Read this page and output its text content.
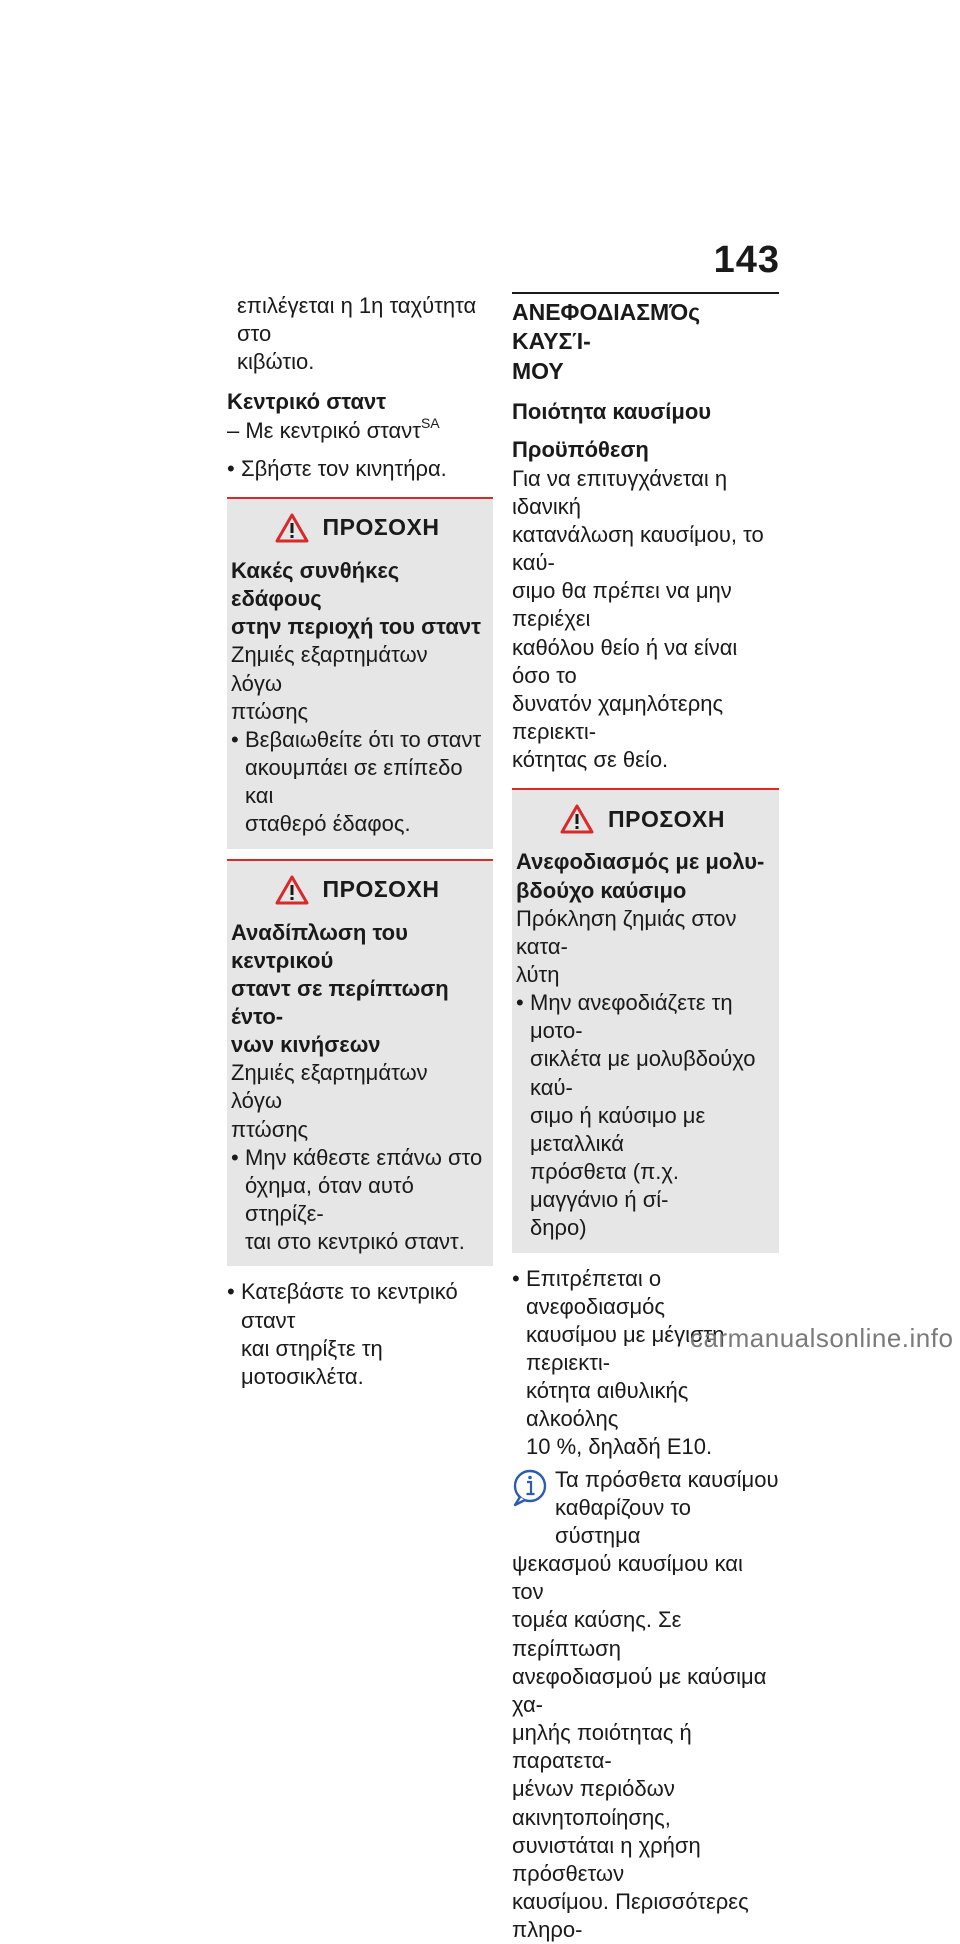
143
επιλέγεται η 1η ταχύτητα στο
κιβώτιο.
Κεντρικό σταντ
– Με κεντρικό σταντ$^{SA}$
• Σβήστε τον κινητήρα.
ΠΡΟΣΟΧΗ
Κακές συνθήκες εδάφους
στην περιοχή του σταντ
Ζημιές εξαρτημάτων λόγω
πτώσης
• Βεβαιωθείτε ότι το σταντ
ακουμπάει σε επίπεδο και
σταθερό έδαφος.
ΠΡΟΣΟΧΗ
Αναδίπλωση του κεντρικού
σταντ σε περίπτωση έντο-
νων κινήσεων
Ζημιές εξαρτημάτων λόγω
πτώσης
• Μην κάθεστε επάνω στο
όχημα, όταν αυτό στηρίζε-
ται στο κεντρικό σταντ.
• Κατεβάστε το κεντρικό σταντ
και στηρίξτε τη μοτοσικλέτα.
ΑΝΕΦΟΔΙΑΣΜΌς ΚΑΥΣΊ-
ΜΟΥ
Ποιότητα καυσίμου
Προϋπόθεση
Για να επιτυγχάνεται η ιδανική
κατανάλωση καυσίμου, το καύ-
σιμο θα πρέπει να μην περιέχει
καθόλου θείο ή να είναι όσο το
δυνατόν χαμηλότερης περιεκτι-
κότητας σε θείο.
ΠΡΟΣΟΧΗ
Ανεφοδιασμός με μολυ-
βδούχο καύσιμο
Πρόκληση ζημιάς στον κατα-
λύτη
• Μην ανεφοδιάζετε τη μοτο-
σικλέτα με μολυβδούχο καύ-
σιμο ή καύσιμο με μεταλλικά
πρόσθετα (π.χ. μαγγάνιο ή σί-
δηρο)
• Επιτρέπεται ο ανεφοδιασμός
καυσίμου με μέγιστη περιεκτι-
κότητα αιθυλικής αλκοόλης
10 %, δηλαδή E10.
Τα πρόσθετα καυσίμου
καθαρίζουν το σύστημα
ψεκασμού καυσίμου και τον
τομέα καύσης. Σε περίπτωση
ανεφοδιασμού με καύσιμα χα-
μηλής ποιότητας ή παρατετα-
μένων περιόδων ακινητοποίησης,
συνιστάται η χρήση πρόσθετων
καυσίμου. Περισσότερες πληρο-
carmanualsonline.info
